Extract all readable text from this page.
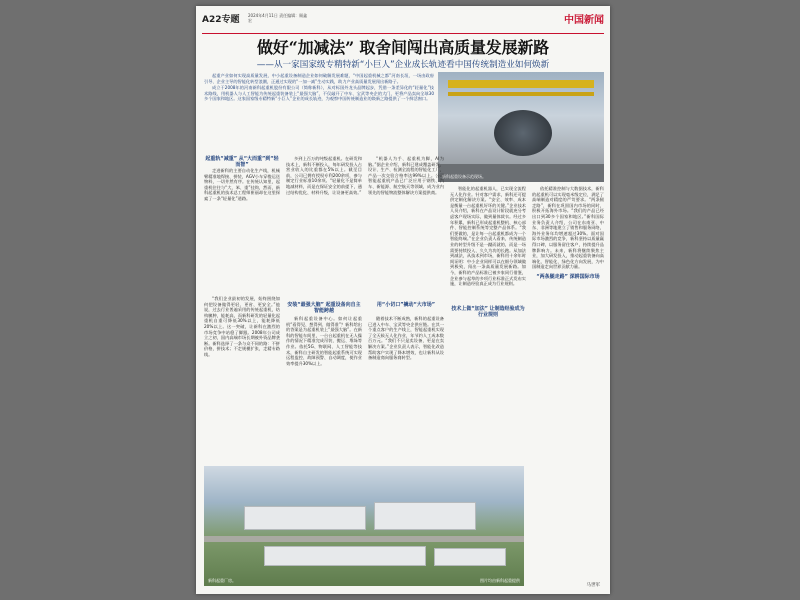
A22专题 2024年4月11日 责任编辑：顾鑫宏	中国新闻
做好“加减法” 取舍间闯出高质量发展新路
——从一家国家级专精特新“小巨人”企业成长轨迹看中国传统制造业如何焕新

起重产业如何实现高质量发展，中小起重设备制造企业如何破解发展难题，“中国起重机械之都”河南长垣，一场由政府引导、企业主导的智能化转型浪潮，正通过实现的“一加一减”生动实践，助力产业高质量发展闯出新路子。

成立于2008年的河南新科起重机股份有限公司（简称新科），从对标国外龙头品牌起步，凭借一条差异化的“轻量化”技术路线，用机器人与人工智能为传统起重装备装上“最强大脑”，不仅敲开了中车、宝武等央企的大门，更将产品卖向全球30多个国家和地区。这家国家级专精特新“小巨人”企业的成长轨迹，为观察中国传统制造业的焕新之路提供了一个鲜活窗口。

新科起重设备示范现场。
起重轨“减重” 从“大而重”到“轻而智”

走进新科的主要自动化生产线，机械臂精准地焊接、拼装，AGV小车穿梭运送物料，一切井然有序。在传统认知里，起重机往往与“大、笨、重”挂钩，然而，新科起重机的技术总工程师崔丽却在这里探索了一条“轻量化”道路。

“我们企业最初的发展，始终围绕如何把设备做得更轻、更省、更安全。”他说，过去行业普遍采用的传统起重机，结构臃肿，能耗高，而新科研发的轻量化起重机自重可降低30%以上，能耗降低20%以上。这一突破，让新科在激烈的市场竞争中站稳了脚跟。2008年公司成立之初，国内高端市场长期被外资品牌垄断。新科选择了一条与众不同的路：不拼价格，拼技术；不走规模扩张，走精专路线。

多到上百万的吨级起重机。在研发和技术上，新科不断投入，每年研发投入占营业收入的比重都在5%以上。截至目前，公司已拥有授权专利200余项，参与制定行业标准10余项。“轻量化不是简单地减材料，而是在保证安全的前提下，通过结构优化、材料升级，让设备更高效。”

安装“最强大脑” 起重设备向自主智能跨越

新科起重设备中心。如何让起重机“看得见、想得到、做得准”？新科给出的答案是为起重机装上“最强大脑”。在新科的智能车间里，一台台起重机在无人操作的情况下精准完成吊装、搬运、堆垛等作业。依托5G、物联网、人工智能等技术，新科自主研发的智能起重系统可实现远程监控、故障预警、自动调度，使作业效率提升30%以上。

“机器人为手、起重机为脚，AI为脑。”据企业介绍，新科已建成覆盖研发、设计、生产、检测全流程的智能化工厂，产品一次交验合格率达99%以上。公司智能起重机产品已广泛应用于钢铁、汽车、新能源、航空航天等领域，成为业内领先的智能物流整体解决方案提供商。

用“小切口”撬动“大市场”

随着技术不断成熟，新科的起重设备已进入中车、宝武等央企供应链。在其一个重点客户的生产线上，智能起重机实现了全天候无人化作业，年节约人工成本数百万元。“我们不只是卖设备，更是在卖解决方案。”企业负责人表示，智能化改造帮助客户实现了降本增效，也让新科从设备制造商向服务商转型。

智能化的起重机器人，已实现全流程无人化作业。针对客户需求，新科还可提供定制化解决方案。“安全、效率、成本是衡量一台起重机好坏的关键。”企业技术人员介绍，新科在产品设计阶段就充分考虑客户现场实际，做到量体裁衣。经过多年积累，新科已形成起重机整机、核心部件、智能控制系统等完整产品体系。“我们要做的，是让每一台起重机都成为一个智能终端。”在企业负责人看来，传统制造业的转型升级不是一蹴而就的，而是一场需要持续投入、久久为功的长跑。从加法到减法，从技术到市场，新科用十余年时间证明：中小企业同样可以在细分领域做到极致，闯出一条高质量发展新路。如今，新科的产品标准已被多家同行借鉴，企业参与起草的多项行业标准正式发布实施，让制造经验真正成为行业规则。

技术上做“加法” 让制造经验成为行业规则

依托精准控制与大数据技术，新科的起重机可以实现毫米级定位，满足了高端制造对精度的严苛要求。“两条腿走路”，新科在巩固国内市场的同时，积极开拓海外市场。“我们的产品已经出口到30多个国家和地区。”新科国际业务负责人介绍，公司在东南亚、中东、非洲等地建立了销售和服务网络，海外业务年均增速超过30%。面对国际市场激烈的竞争，新科坚持以质量赢得口碑，以服务留住客户，持续提升品牌影响力。未来，新科将继续聚焦主业，加大研发投入，推动起重装备向高端化、智能化、绿色化方向发展，为中国制造走向世界贡献力量。

“两条腿走路” 深耕国际市场
新科起重厂房。	图片均由新科起重提供
马世军
